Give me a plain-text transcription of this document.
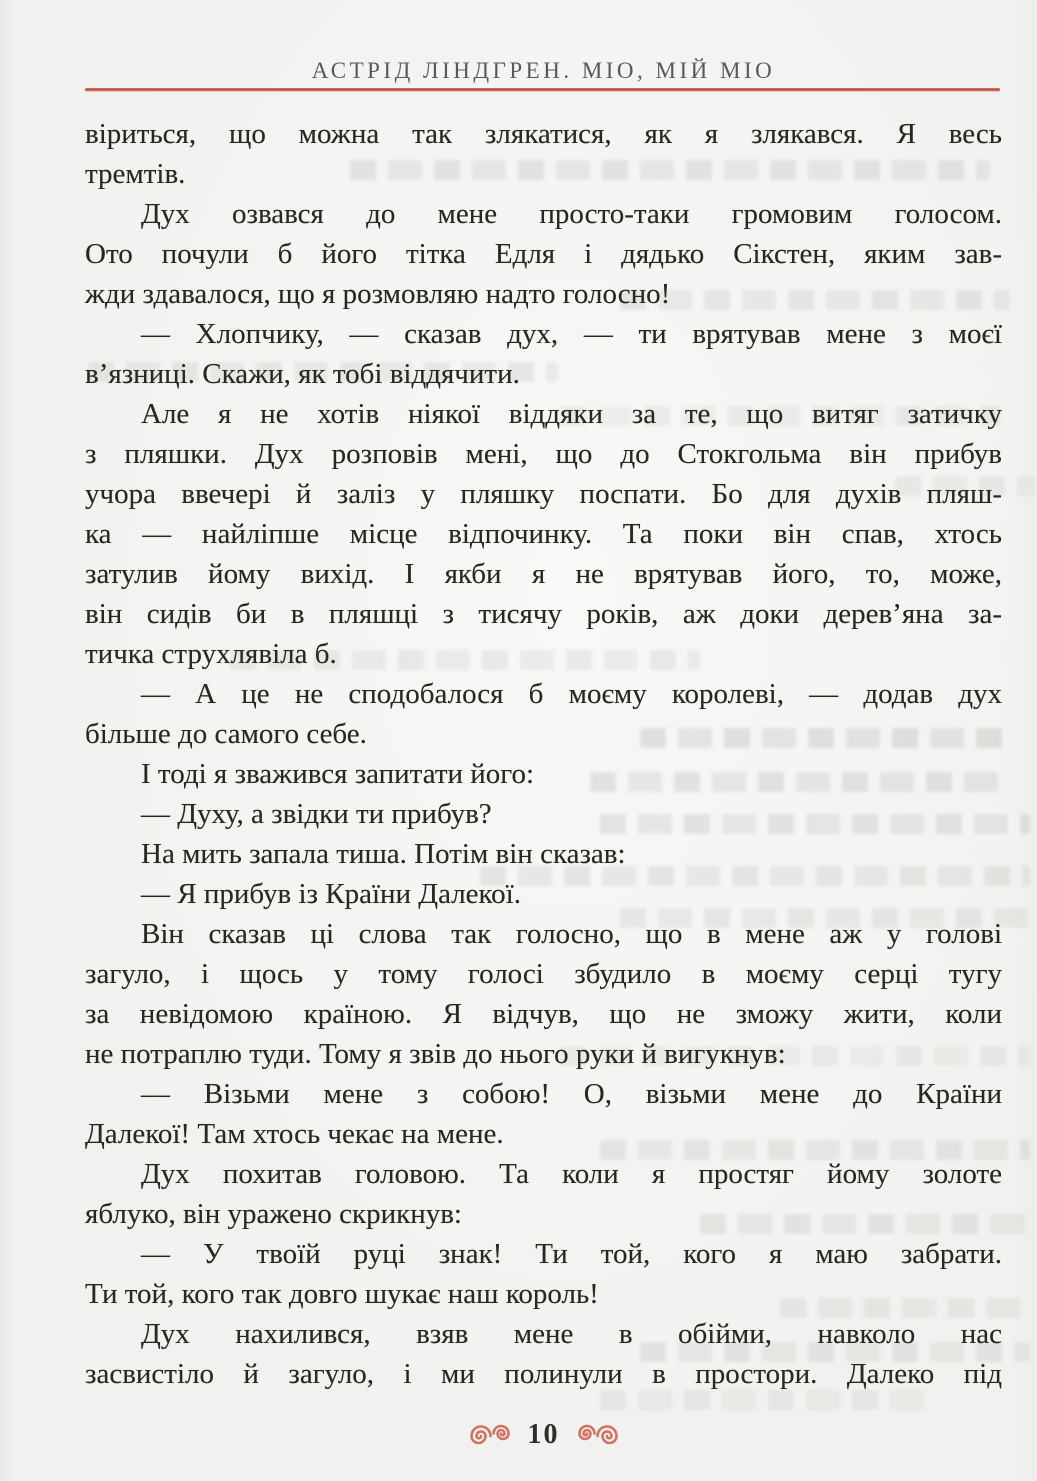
АСТРІД ЛІНДГРЕН. МІО, МІЙ МІО
віриться, що можна так злякатися, як я злякався. Я весь
тремтів.
Дух озвався до мене просто-таки громовим голосом.
Ото почули б його тітка Едля і дядько Сікстен, яким зав-
жди здавалося, що я розмовляю надто голосно!
— Хлопчику, — сказав дух, — ти врятував мене з моєї
в’язниці. Скажи, як тобі віддячити.
Але я не хотів ніякої віддяки за те, що витяг затичку
з пляшки. Дух розповів мені, що до Стокгольма він прибув
учора ввечері й заліз у пляшку поспати. Бо для духів пляш-
ка — найліпше місце відпочинку. Та поки він спав, хтось
затулив йому вихід. І якби я не врятував його, то, може,
він сидів би в пляшці з тисячу років, аж доки дерев’яна за-
тичка струхлявіла б.
— А це не сподобалося б моєму королеві, — додав дух
більше до самого себе.
І тоді я зважився запитати його:
— Духу, а звідки ти прибув?
На мить запала тиша. Потім він сказав:
— Я прибув із Країни Далекої.
Він сказав ці слова так голосно, що в мене аж у голові
загуло, і щось у тому голосі збудило в моєму серці тугу
за невідомою країною. Я відчув, що не зможу жити, коли
не потраплю туди. Тому я звів до нього руки й вигукнув:
— Візьми мене з собою! О, візьми мене до Країни
Далекої! Там хтось чекає на мене.
Дух похитав головою. Та коли я простяг йому золоте
яблуко, він уражено скрикнув:
— У твоїй руці знак! Ти той, кого я маю забрати.
Ти той, кого так довго шукає наш король!
Дух нахилився, взяв мене в обійми, навколо нас
засвистіло й загуло, і ми полинули в простори. Далеко під
10
